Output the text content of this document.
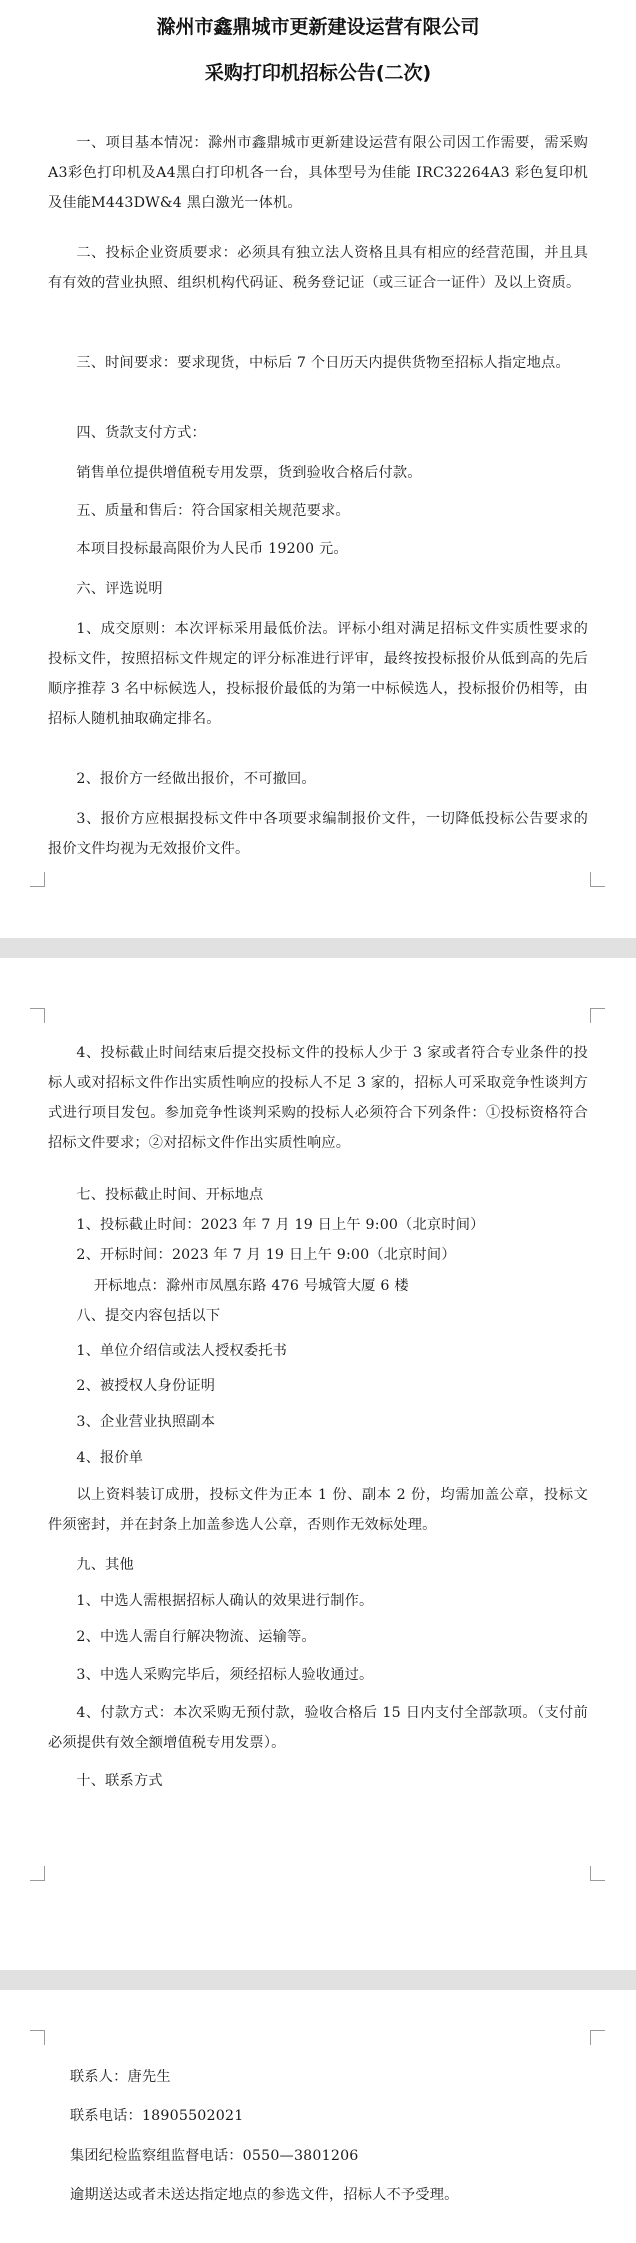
滁州市鑫鼎城市更新建设运营有限公司
采购打印机招标公告(二次)
一、项目基本情况：滁州市鑫鼎城市更新建设运营有限公司因工作需要，需采购A3彩色打印机及A4黑白打印机各一台，具体型号为佳能 IRC32264A3 彩色复印机及佳能M443DW&4 黑白激光一体机。
二、投标企业资质要求：必须具有独立法人资格且具有相应的经营范围，并且具有有效的营业执照、组织机构代码证、税务登记证（或三证合一证件）及以上资质。
三、时间要求：要求现货，中标后 7 个日历天内提供货物至招标人指定地点。
四、货款支付方式：
销售单位提供增值税专用发票，货到验收合格后付款。
五、质量和售后：符合国家相关规范要求。
本项目投标最高限价为人民币 19200 元。
六、评选说明
1、成交原则：本次评标采用最低价法。评标小组对满足招标文件实质性要求的投标文件，按照招标文件规定的评分标准进行评审，最终按投标报价从低到高的先后顺序推荐 3 名中标候选人，投标报价最低的为第一中标候选人，投标报价仍相等，由招标人随机抽取确定排名。
2、报价方一经做出报价，不可撤回。
3、报价方应根据投标文件中各项要求编制报价文件，一切降低投标公告要求的报价文件均视为无效报价文件。
4、投标截止时间结束后提交投标文件的投标人少于 3 家或者符合专业条件的投标人或对招标文件作出实质性响应的投标人不足 3 家的，招标人可采取竞争性谈判方式进行项目发包。参加竞争性谈判采购的投标人必须符合下列条件：①投标资格符合招标文件要求；②对招标文件作出实质性响应。
七、投标截止时间、开标地点
1、投标截止时间：2023 年 7 月 19 日上午 9:00（北京时间）
2、开标时间：2023 年 7 月 19 日上午 9:00（北京时间）
开标地点：滁州市凤凰东路 476 号城管大厦 6 楼
八、提交内容包括以下
1、单位介绍信或法人授权委托书
2、被授权人身份证明
3、企业营业执照副本
4、报价单
以上资料装订成册，投标文件为正本 1 份、副本 2 份，均需加盖公章，投标文件须密封，并在封条上加盖参选人公章，否则作无效标处理。
九、其他
1、中选人需根据招标人确认的效果进行制作。
2、中选人需自行解决物流、运输等。
3、中选人采购完毕后，须经招标人验收通过。
4、付款方式：本次采购无预付款，验收合格后 15 日内支付全部款项。（支付前必须提供有效全额增值税专用发票）。
十、联系方式
联系人：唐先生
联系电话：18905502021
集团纪检监察组监督电话：0550—3801206
逾期送达或者未送达指定地点的参选文件，招标人不予受理。
